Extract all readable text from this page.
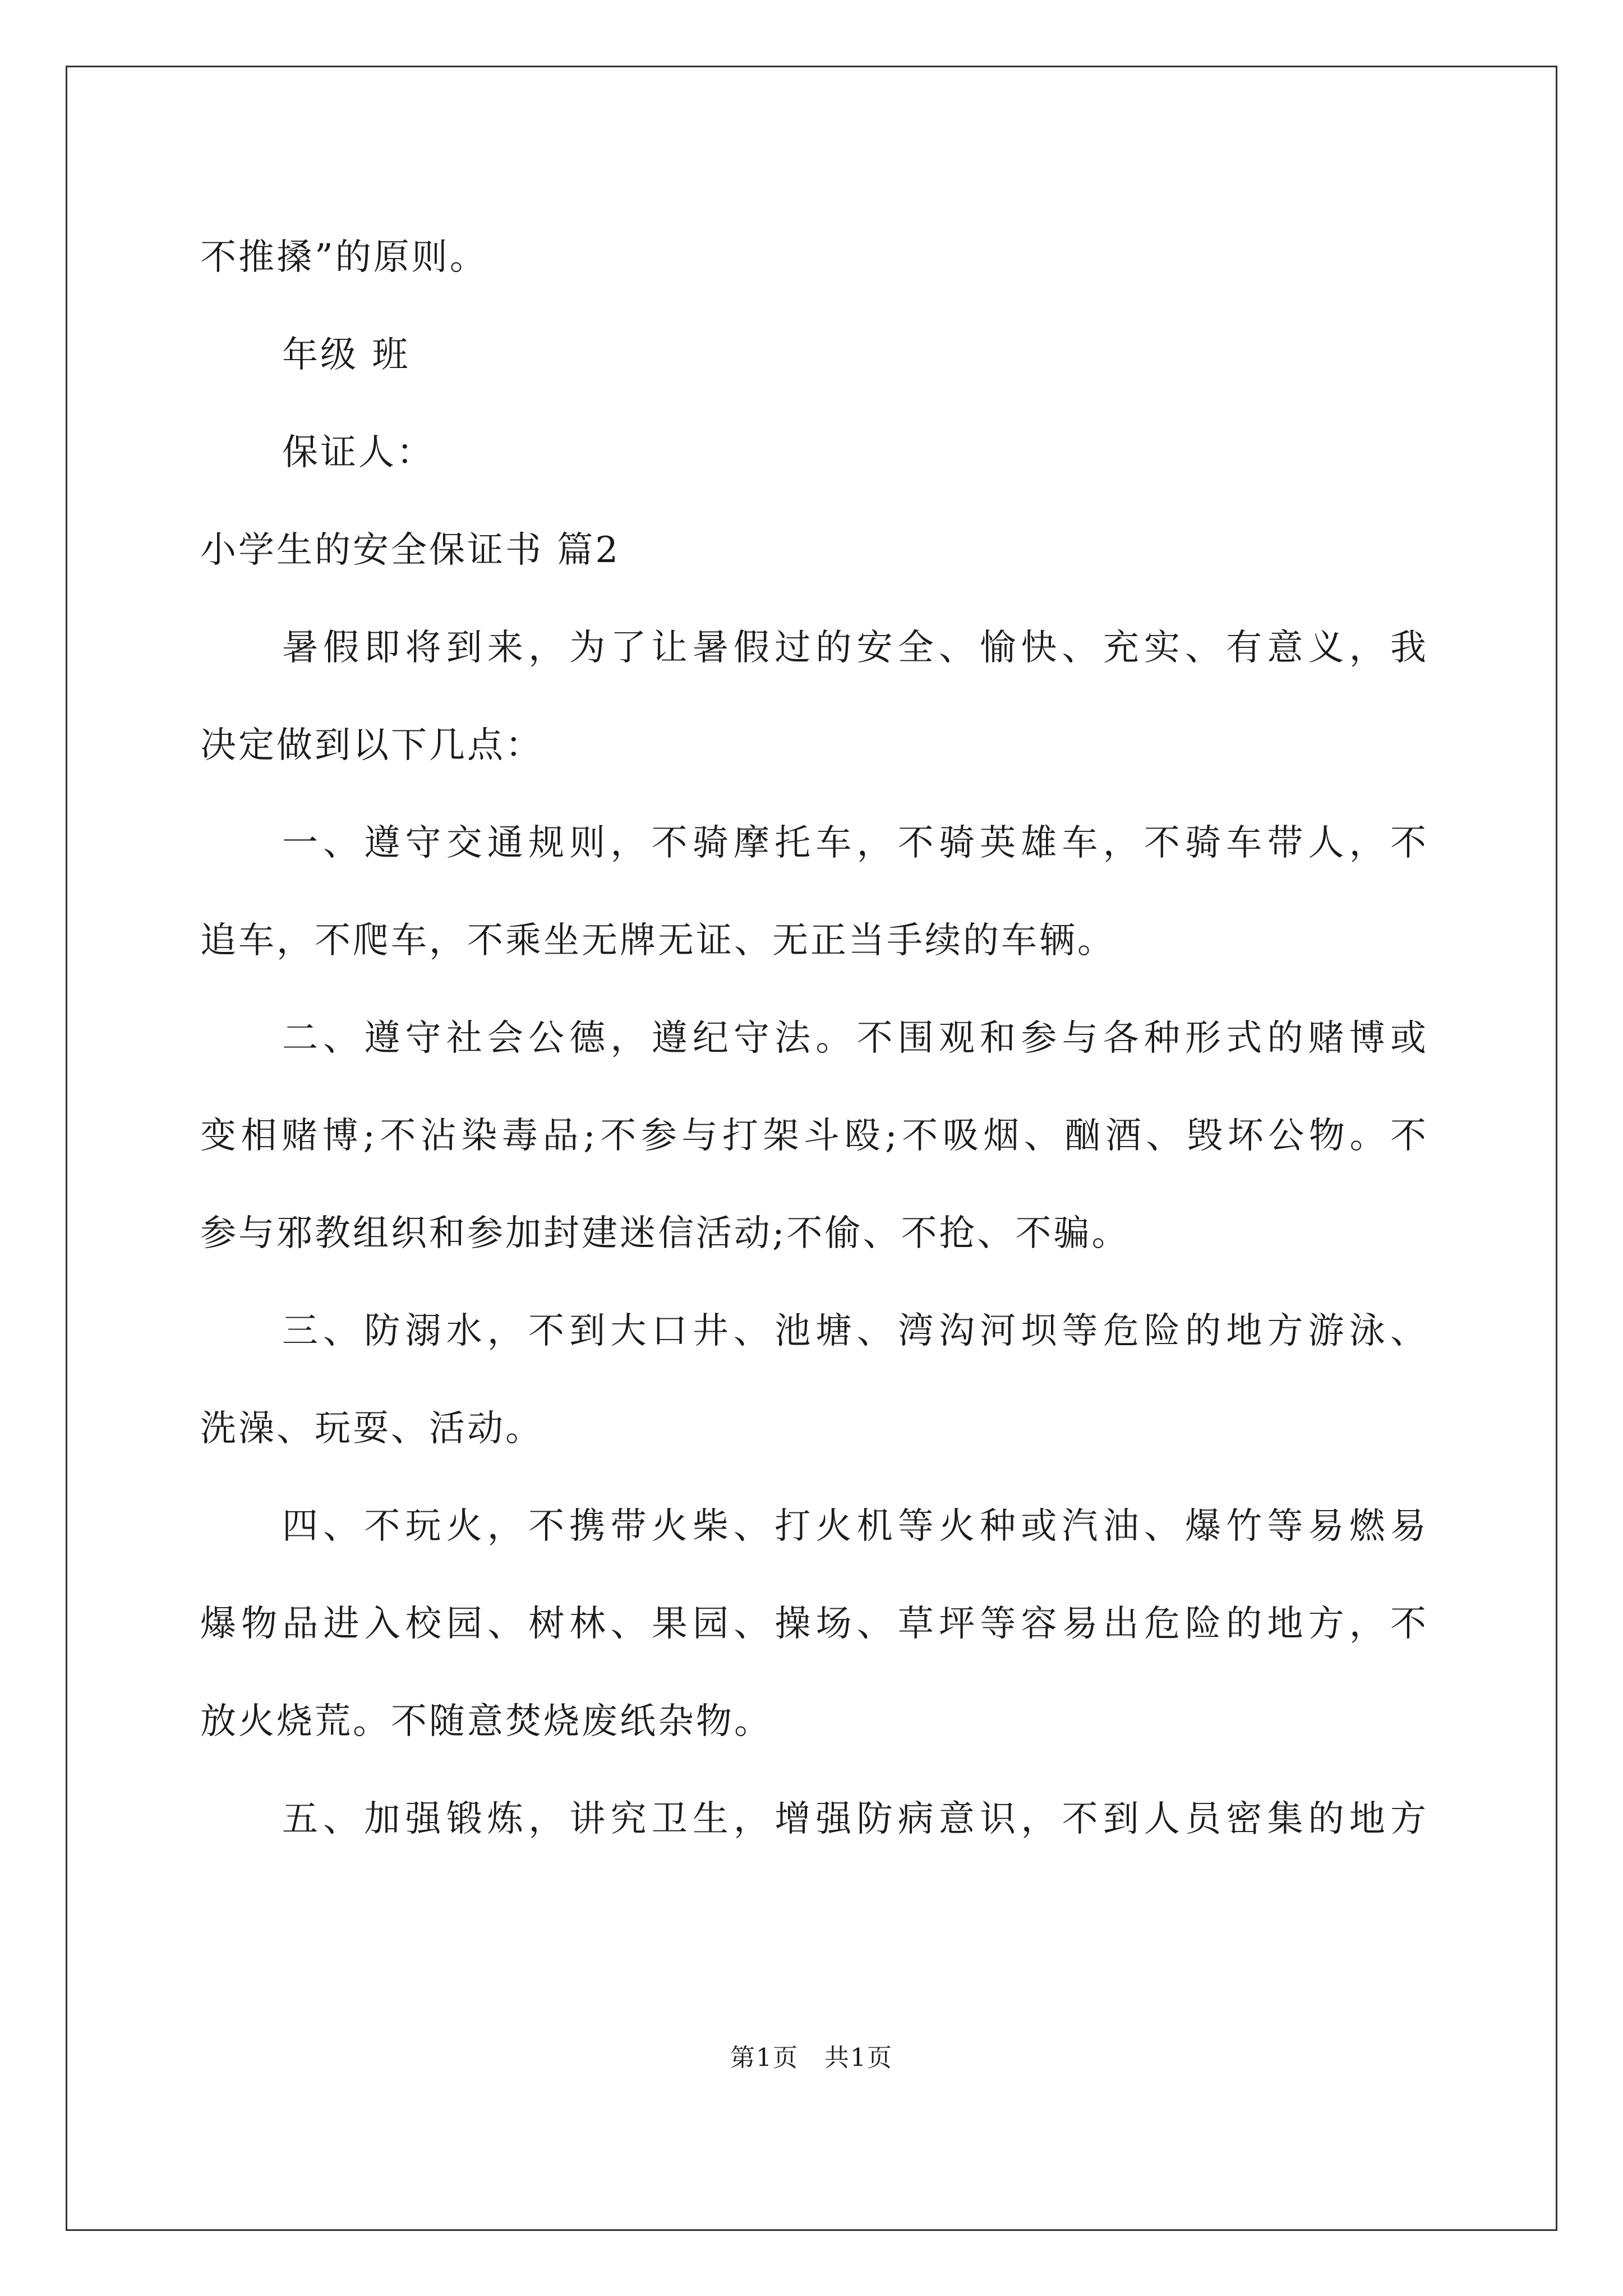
不推搡”的原则。
年级 班
保证人：
小学生的安全保证书 篇2
暑假即将到来，为了让暑假过的安全、愉快、充实、有意义，我
决定做到以下几点：
一、遵守交通规则，不骑摩托车，不骑英雄车，不骑车带人，不
追车，不爬车，不乘坐无牌无证、无正当手续的车辆。
二、遵守社会公德，遵纪守法。不围观和参与各种形式的赌博或
变相赌博;不沾染毒品;不参与打架斗殴;不吸烟、酗酒、毁坏公物。不
参与邪教组织和参加封建迷信活动;不偷、不抢、不骗。
三、防溺水，不到大口井、池塘、湾沟河坝等危险的地方游泳、
洗澡、玩耍、活动。
四、不玩火，不携带火柴、打火机等火种或汽油、爆竹等易燃易
爆物品进入校园、树林、果园、操场、草坪等容易出危险的地方，不
放火烧荒。不随意焚烧废纸杂物。
五、加强锻炼，讲究卫生，增强防病意识，不到人员密集的地方
第1页　共1页
